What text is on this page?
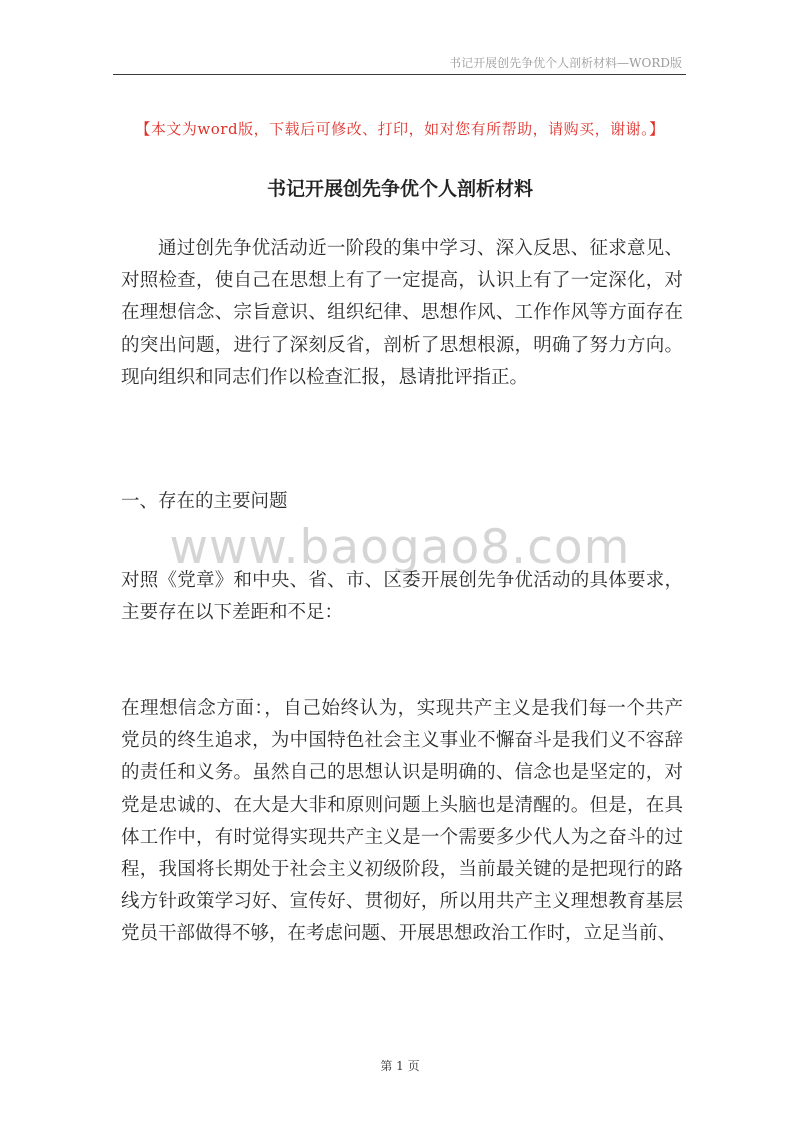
书记开展创先争优个人剖析材料—WORD版
【本文为word版，下载后可修改、打印，如对您有所帮助，请购买，谢谢。】
书记开展创先争优个人剖析材料

通过创先争优活动近一阶段的集中学习、深入反思、征求意见、对照检查，使自己在思想上有了一定提高，认识上有了一定深化，对在理想信念、宗旨意识、组织纪律、思想作风、工作作风等方面存在的突出问题，进行了深刻反省，剖析了思想根源，明确了努力方向。现向组织和同志们作以检查汇报，恳请批评指正。

一、存在的主要问题

www.baogao8.com

对照《党章》和中央、省、市、区委开展创先争优活动的具体要求，主要存在以下差距和不足：

在理想信念方面：，自己始终认为，实现共产主义是我们每一个共产党员的终生追求，为中国特色社会主义事业不懈奋斗是我们义不容辞的责任和义务。虽然自己的思想认识是明确的、信念也是坚定的，对党是忠诚的、在大是大非和原则问题上头脑也是清醒的。但是，在具体工作中，有时觉得实现共产主义是一个需要多少代人为之奋斗的过程，我国将长期处于社会主义初级阶段，当前最关键的是把现行的路线方针政策学习好、宣传好、贯彻好，所以用共产主义理想教育基层党员干部做得不够，在考虑问题、开展思想政治工作时，立足当前、

第 1 页
